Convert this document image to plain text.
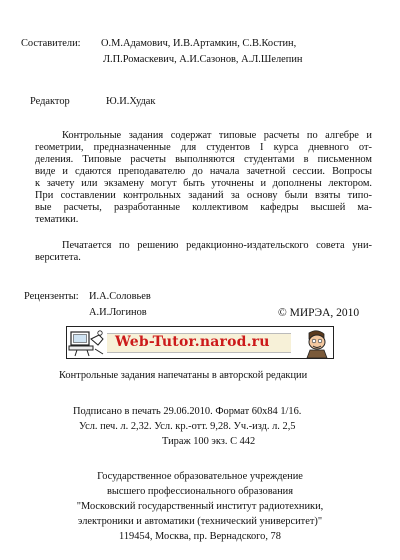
Составители: О.М.Адамович, И.В.Артамкин, С.В.Костин,
Л.П.Ромаскевич, А.И.Сазонов, А.Л.Шелепин
Редактор	Ю.И.Худак
Контрольные задания содержат типовые расчеты по алгебре и
геометрии, предназначенные для студентов I курса дневного от-
деления. Типовые расчеты выполняются студентами в письменном
виде и сдаются преподавателю до начала зачетной сессии. Вопросы
к зачету или экзамену могут быть уточнены и дополнены лектором.
При составлении контрольных заданий за основу были взяты типо-
вые расчеты, разработанные коллективом кафедры высшей ма-
тематики.
Печатается по решению редакционно-издательского совета уни-
верситета.
Рецензенты: И.А.Соловьев
А.И.Логинов	© МИРЭА, 2010
Web-Tutor.narod.ru
Контрольные задания напечатаны в авторской редакции
Подписано в печать 29.06.2010. Формат 60x84 1/16.
Усл. печ. л. 2,32. Усл. кр.-отт. 9,28. Уч.-изд. л. 2,5
Тираж 100 экз. С 442
Государственное образовательное учреждение
высшего профессионального образования
"Московский государственный институт радиотехники,
электроники и автоматики (технический университет)"
119454, Москва, пр. Вернадского, 78
